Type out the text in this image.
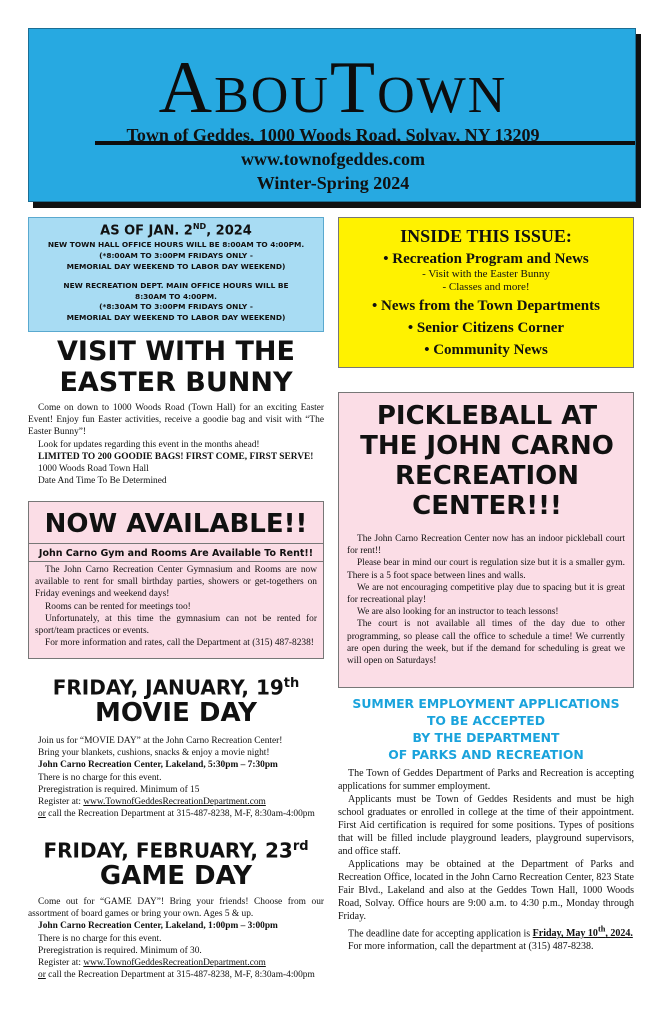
ABOUTOWN
Town of Geddes, 1000 Woods Road, Solvay, NY 13209
www.townofgeddes.com
Winter-Spring 2024
AS OF JAN. 2ND, 2024
NEW TOWN HALL OFFICE HOURS WILL BE 8:00AM TO 4:00PM.
(*8:00AM TO 3:00PM FRIDAYS ONLY -
MEMORIAL DAY WEEKEND TO LABOR DAY WEEKEND)
NEW RECREATION DEPT. MAIN OFFICE HOURS WILL BE
8:30AM TO 4:00PM.
(*8:30AM TO 3:00PM FRIDAYS ONLY -
MEMORIAL DAY WEEKEND TO LABOR DAY WEEKEND)
VISIT WITH THE
EASTER BUNNY

Come on down to 1000 Woods Road (Town Hall) for an exciting Easter Event! Enjoy fun Easter activities, receive a goodie bag and visit with “The Easter Bunny”!

Look for updates regarding this event in the months ahead!

LIMITED TO 200 GOODIE BAGS! FIRST COME, FIRST SERVE!

1000 Woods Road Town Hall

Date And Time To Be Determined

INSIDE THIS ISSUE:
• Recreation Program and News
- Visit with the Easter Bunny
- Classes and more!
• News from the Town Departments
• Senior Citizens Corner
• Community News
PICKLEBALL AT
THE JOHN CARNO
RECREATION
CENTER!!!

The John Carno Recreation Center now has an indoor pickleball court for rent!!

Please bear in mind our court is regulation size but it is a smaller gym. There is a 5 foot space between lines and walls.

We are not encouraging competitive play due to spacing but it is great for recreational play!

We are also looking for an instructor to teach lessons!

The court is not available all times of the day due to other programming, so please call the office to schedule a time! We currently are open during the week, but if the demand for scheduling is great we will open on Saturdays!

NOW AVAILABLE!!
John Carno Gym and Rooms Are Available To Rent!!

The John Carno Recreation Center Gymnasium and Rooms are now available to rent for small birthday parties, showers or get-togethers on Friday evenings and weekend days!

Rooms can be rented for meetings too!

Unfortunately, at this time the gymnasium can not be rented for sport/team practices or events.

For more information and rates, call the Department at (315) 487-8238!

FRIDAY, JANUARY, 19th
MOVIE DAY

Join us for “MOVIE DAY” at the John Carno Recreation Center!

Bring your blankets, cushions, snacks & enjoy a movie night!

John Carno Recreation Center, Lakeland, 5:30pm – 7:30pm

There is no charge for this event.

Preregistration is required. Minimum of 15

Register at: www.TownofGeddesRecreationDepartment.com

or call the Recreation Department at 315-487-8238, M-F, 8:30am-4:00pm

FRIDAY, FEBRUARY, 23rd
GAME DAY

Come out for “GAME DAY”! Bring your friends! Choose from our assortment of board games or bring your own. Ages 5 & up.

John Carno Recreation Center, Lakeland, 1:00pm – 3:00pm

There is no charge for this event.

Preregistration is required. Minimum of 30.

Register at: www.TownofGeddesRecreationDepartment.com

or call the Recreation Department at 315-487-8238, M-F, 8:30am-4:00pm

SUMMER EMPLOYMENT APPLICATIONS
TO BE ACCEPTED
BY THE DEPARTMENT
OF PARKS AND RECREATION

The Town of Geddes Department of Parks and Recreation is accepting applications for summer employment.

Applicants must be Town of Geddes Residents and must be high school graduates or enrolled in college at the time of their appointment. First Aid certification is required for some positions. Types of positions that will be filled include playground leaders, playground supervisors, and office staff.

Applications may be obtained at the Department of Parks and Recreation Office, located in the John Carno Recreation Center, 823 State Fair Blvd., Lakeland and also at the Geddes Town Hall, 1000 Woods Road, Solvay. Office hours are 9:00 a.m. to 4:30 p.m., Monday through Friday.

The deadline date for accepting application is Friday, May 10th, 2024.

For more information, call the department at (315) 487-8238.
